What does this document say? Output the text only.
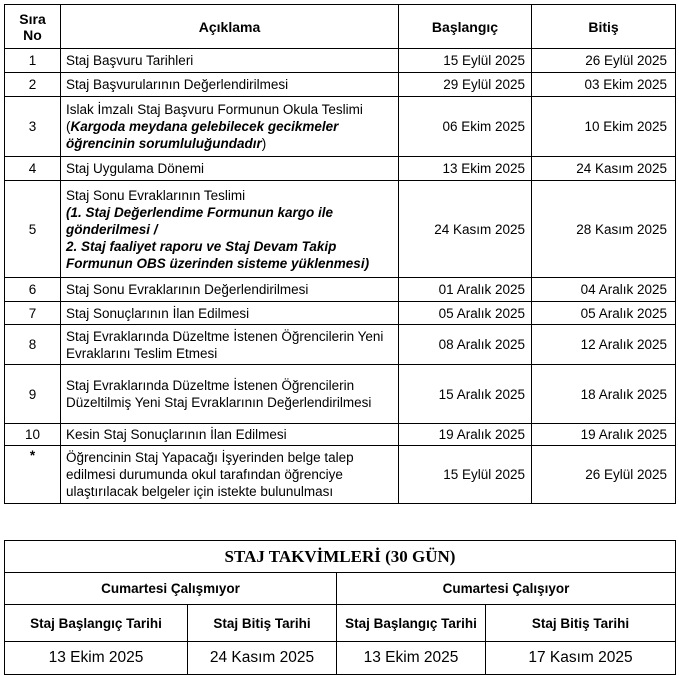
Sıra No	Açıklama	Başlangıç	Bitiş
1	Staj Başvuru Tarihleri	15 Eylül 2025	26 Eylül 2025
2	Staj Başvurularının Değerlendirilmesi	29 Eylül 2025	03 Ekim 2025
3	Islak İmzalı Staj Başvuru Formunun Okula Teslimi (Kargoda meydana gelebilecek gecikmeler öğrencinin sorumluluğundadır)	06 Ekim 2025	10 Ekim 2025
4	Staj Uygulama Dönemi	13 Ekim 2025	24 Kasım 2025
5	Staj Sonu Evraklarının Teslimi
(1. Staj Değerlendime Formunun kargo ile gönderilmesi /
2. Staj faaliyet raporu ve Staj Devam Takip Formunun OBS üzerinden sisteme yüklenmesi)	24 Kasım 2025	28 Kasım 2025
6	Staj Sonu Evraklarının Değerlendirilmesi	01 Aralık 2025	04 Aralık 2025
7	Staj Sonuçlarının İlan Edilmesi	05 Aralık 2025	05 Aralık 2025
8	Staj Evraklarında Düzeltme İstenen Öğrencilerin Yeni Evraklarını Teslim Etmesi	08 Aralık 2025	12 Aralık 2025
9	Staj Evraklarında Düzeltme İstenen Öğrencilerin Düzeltilmiş Yeni Staj Evraklarının Değerlendirilmesi	15 Aralık 2025	18 Aralık 2025
10	Kesin Staj Sonuçlarının İlan Edilmesi	19 Aralık 2025	19 Aralık 2025
*	Öğrencinin Staj Yapacağı İşyerinden belge talep edilmesi durumunda okul tarafından öğrenciye ulaştırılacak belgeler için istekte bulunulması	15 Eylül 2025	26 Eylül 2025
STAJ TAKVİMLERİ (30 GÜN)			
Cumartesi Çalışmıyor		Cumartesi Çalışıyor	
Staj Başlangıç Tarihi	Staj Bitiş Tarihi	Staj Başlangıç Tarihi	Staj Bitiş Tarihi
13 Ekim 2025	24 Kasım 2025	13 Ekim 2025	17 Kasım 2025
